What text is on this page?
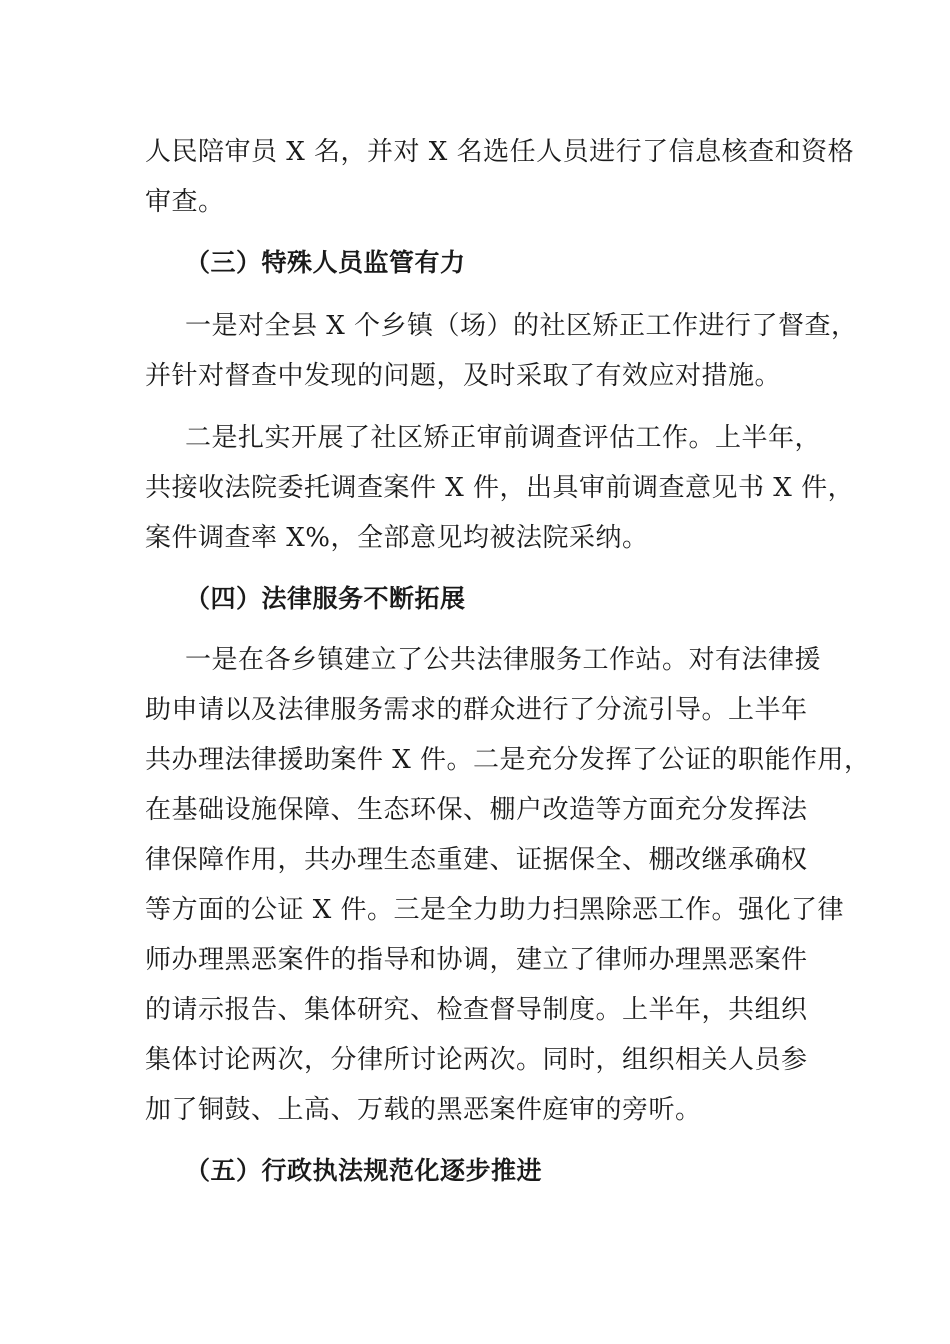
人民陪审员 X 名，并对 X 名选任人员进行了信息核查和资格
审查。
（三）特殊人员监管有力
一是对全县 X 个乡镇（场）的社区矫正工作进行了督查，
并针对督查中发现的问题，及时采取了有效应对措施。
二是扎实开展了社区矫正审前调查评估工作。上半年，
共接收法院委托调查案件 X 件，出具审前调查意见书 X 件，
案件调查率 X%，全部意见均被法院采纳。
（四）法律服务不断拓展
一是在各乡镇建立了公共法律服务工作站。对有法律援
助申请以及法律服务需求的群众进行了分流引导。上半年
共办理法律援助案件 X 件。二是充分发挥了公证的职能作用，
在基础设施保障、生态环保、棚户改造等方面充分发挥法
律保障作用，共办理生态重建、证据保全、棚改继承确权
等方面的公证 X 件。三是全力助力扫黑除恶工作。强化了律
师办理黑恶案件的指导和协调，建立了律师办理黑恶案件
的请示报告、集体研究、检查督导制度。上半年，共组织
集体讨论两次，分律所讨论两次。同时，组织相关人员参
加了铜鼓、上高、万载的黑恶案件庭审的旁听。
（五）行政执法规范化逐步推进
